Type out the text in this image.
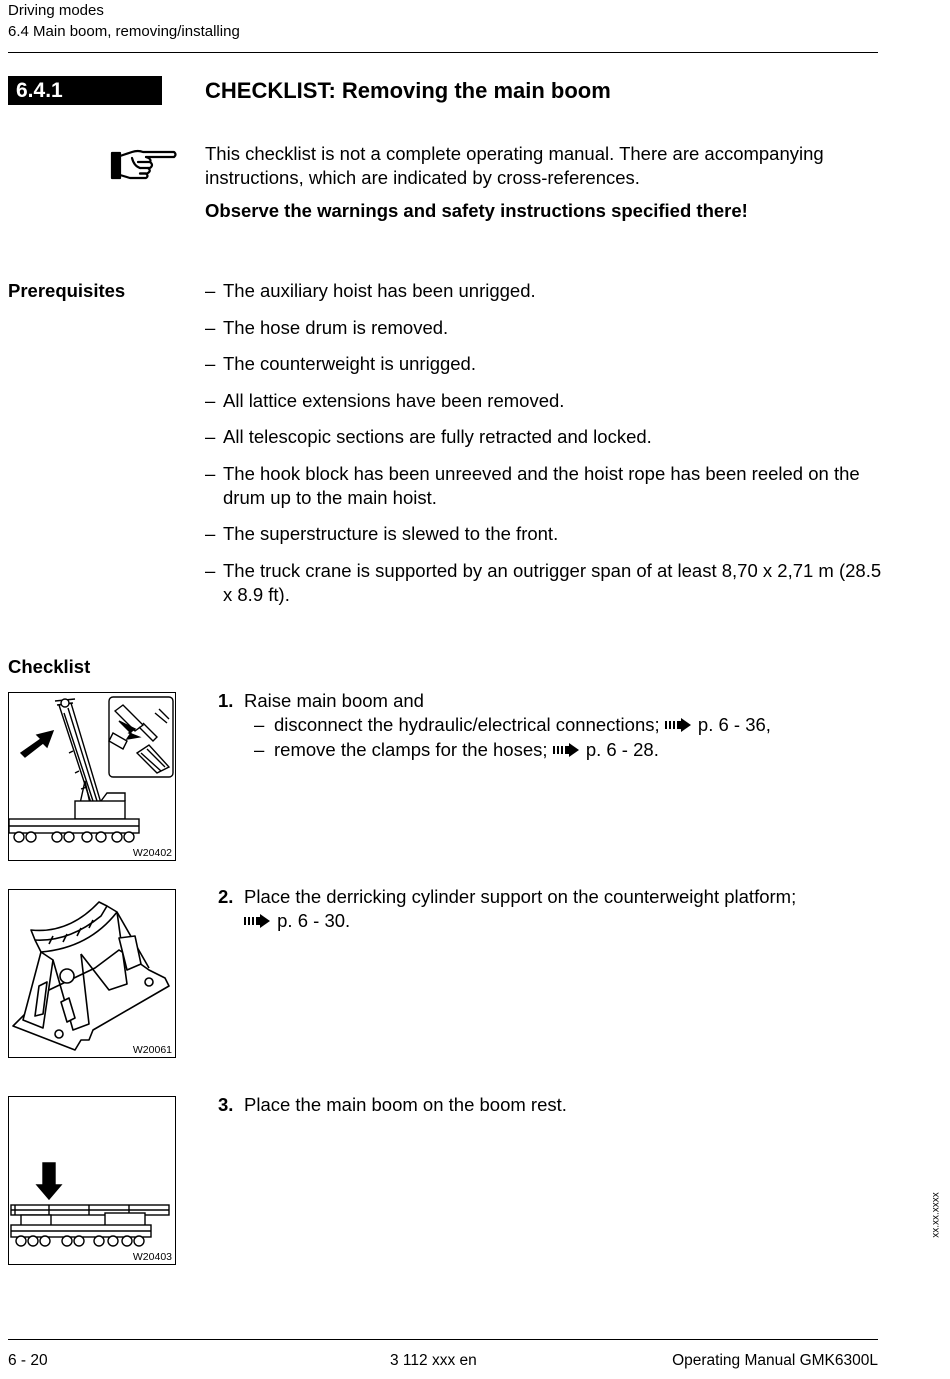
Driving modes
6.4 Main boom, removing/installing
6.4.1	CHECKLIST: Removing the main boom
This checklist is not a complete operating manual. There are accompanying instructions, which are indicated by cross-references.
Observe the warnings and safety instructions specified there!
Prerequisites	– The auxiliary hoist has been unrigged.
– The hose drum is removed.
– The counterweight is unrigged.
– All lattice extensions have been removed.
– All telescopic sections are fully retracted and locked.
– The hook block has been unreeved and the hoist rope has been reeled on the drum up to the main hoist.
– The superstructure is slewed to the front.
– The truck crane is supported by an outrigger span of at least 8,70 x 2,71 m (28.5 x 8.9 ft).
Checklist
W20402
1. Raise main boom and
– disconnect the hydraulic/electrical connections; p. 6 - 36,
– remove the clamps for the hoses; p. 6 - 28.
W20061
2. Place the derricking cylinder support on the counterweight platform;
p. 6 - 30.
W20403
3. Place the main boom on the boom rest.
xx.xx.xxxx
6 - 20	3 112 xxx en	Operating Manual GMK6300L
